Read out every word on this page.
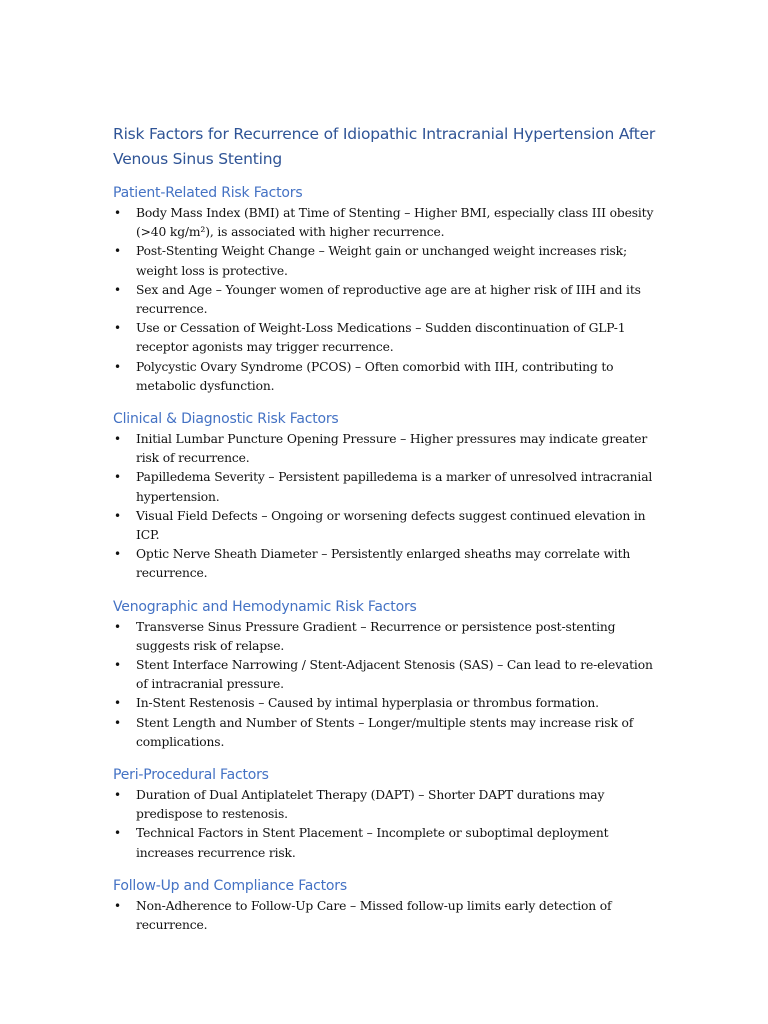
Risk Factors for Recurrence of Idiopathic Intracranial Hypertension After Venous Sinus Stenting
Patient-Related Risk Factors
• Body Mass Index (BMI) at Time of Stenting – Higher BMI, especially class III obesity (>40 kg/m²), is associated with higher recurrence.
• Post-Stenting Weight Change – Weight gain or unchanged weight increases risk; weight loss is protective.
• Sex and Age – Younger women of reproductive age are at higher risk of IIH and its recurrence.
• Use or Cessation of Weight-Loss Medications – Sudden discontinuation of GLP-1 receptor agonists may trigger recurrence.
• Polycystic Ovary Syndrome (PCOS) – Often comorbid with IIH, contributing to metabolic dysfunction.
Clinical & Diagnostic Risk Factors
• Initial Lumbar Puncture Opening Pressure – Higher pressures may indicate greater risk of recurrence.
• Papilledema Severity – Persistent papilledema is a marker of unresolved intracranial hypertension.
• Visual Field Defects – Ongoing or worsening defects suggest continued elevation in ICP.
• Optic Nerve Sheath Diameter – Persistently enlarged sheaths may correlate with recurrence.
Venographic and Hemodynamic Risk Factors
• Transverse Sinus Pressure Gradient – Recurrence or persistence post-stenting suggests risk of relapse.
• Stent Interface Narrowing / Stent-Adjacent Stenosis (SAS) – Can lead to re-elevation of intracranial pressure.
• In-Stent Restenosis – Caused by intimal hyperplasia or thrombus formation.
• Stent Length and Number of Stents – Longer/multiple stents may increase risk of complications.
Peri-Procedural Factors
• Duration of Dual Antiplatelet Therapy (DAPT) – Shorter DAPT durations may predispose to restenosis.
• Technical Factors in Stent Placement – Incomplete or suboptimal deployment increases recurrence risk.
Follow-Up and Compliance Factors
• Non-Adherence to Follow-Up Care – Missed follow-up limits early detection of recurrence.
